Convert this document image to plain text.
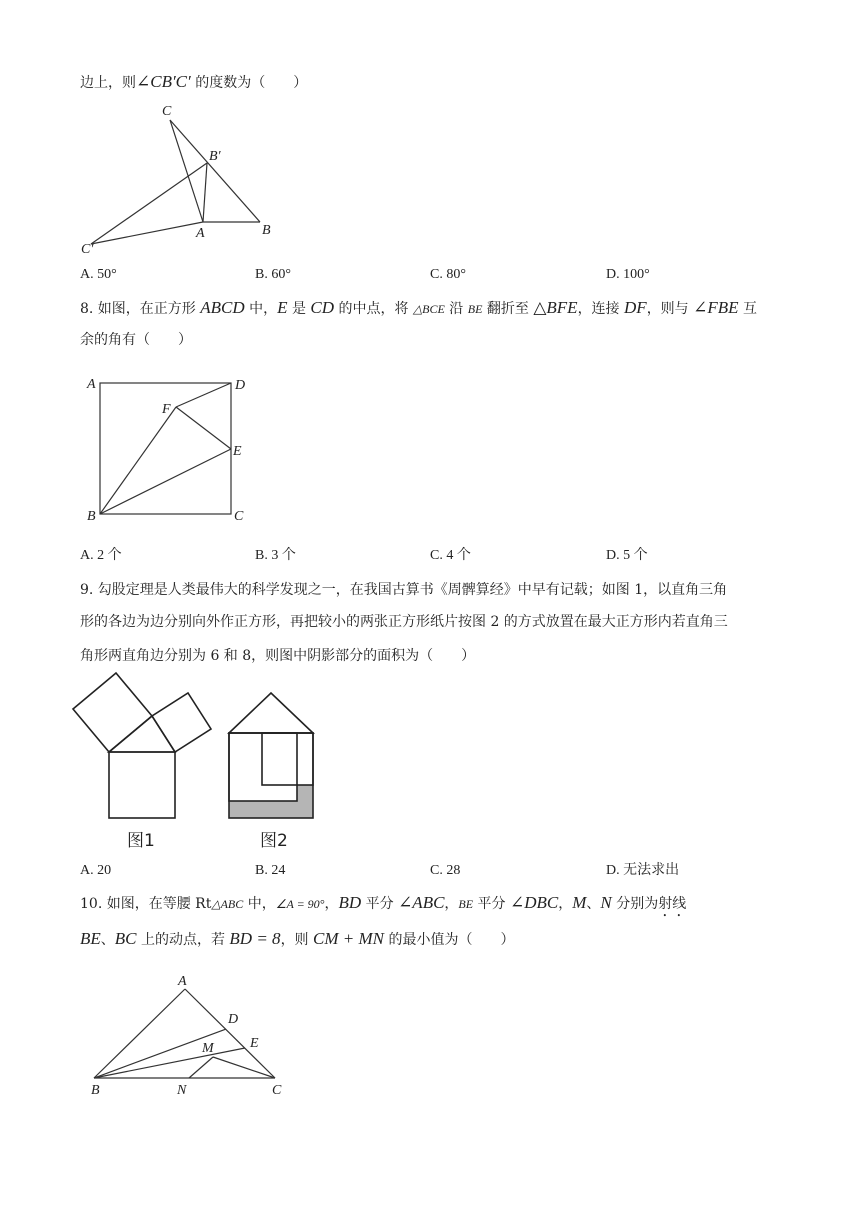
边上，则∠CB′C′ 的度数为（　　）
C
B′
C′
A	B
A. 50°	B. 60°	C. 80°	D. 100°
8. 如图，在正方形 ABCD 中，E 是 CD 的中点，将 △BCE 沿 BE 翻折至 △BFE，连接 DF，则与 ∠FBE 互
余的角有（　　）
A	D
F
E
B	C
A. 2 个	B. 3 个	C. 4 个	D. 5 个
9. 勾股定理是人类最伟大的科学发现之一，在我国古算书《周髀算经》中早有记载；如图 1，以直角三角
形的各边为边分别向外作正方形，再把较小的两张正方形纸片按图 2 的方式放置在最大正方形内若直角三
角形两直角边分别为 6 和 8，则图中阴影部分的面积为（　　）
图1	图2
A. 20	B. 24	C. 28	D. 无法求出
10. 如图，在等腰 Rt△ABC 中，∠A = 90°，BD 平分 ∠ABC，BE 平分 ∠DBC，M、N 分别为射线
BE、BC 上的动点，若 BD = 8，则 CM + MN 的最小值为（　　）
A
D
E
M
B	N	C
